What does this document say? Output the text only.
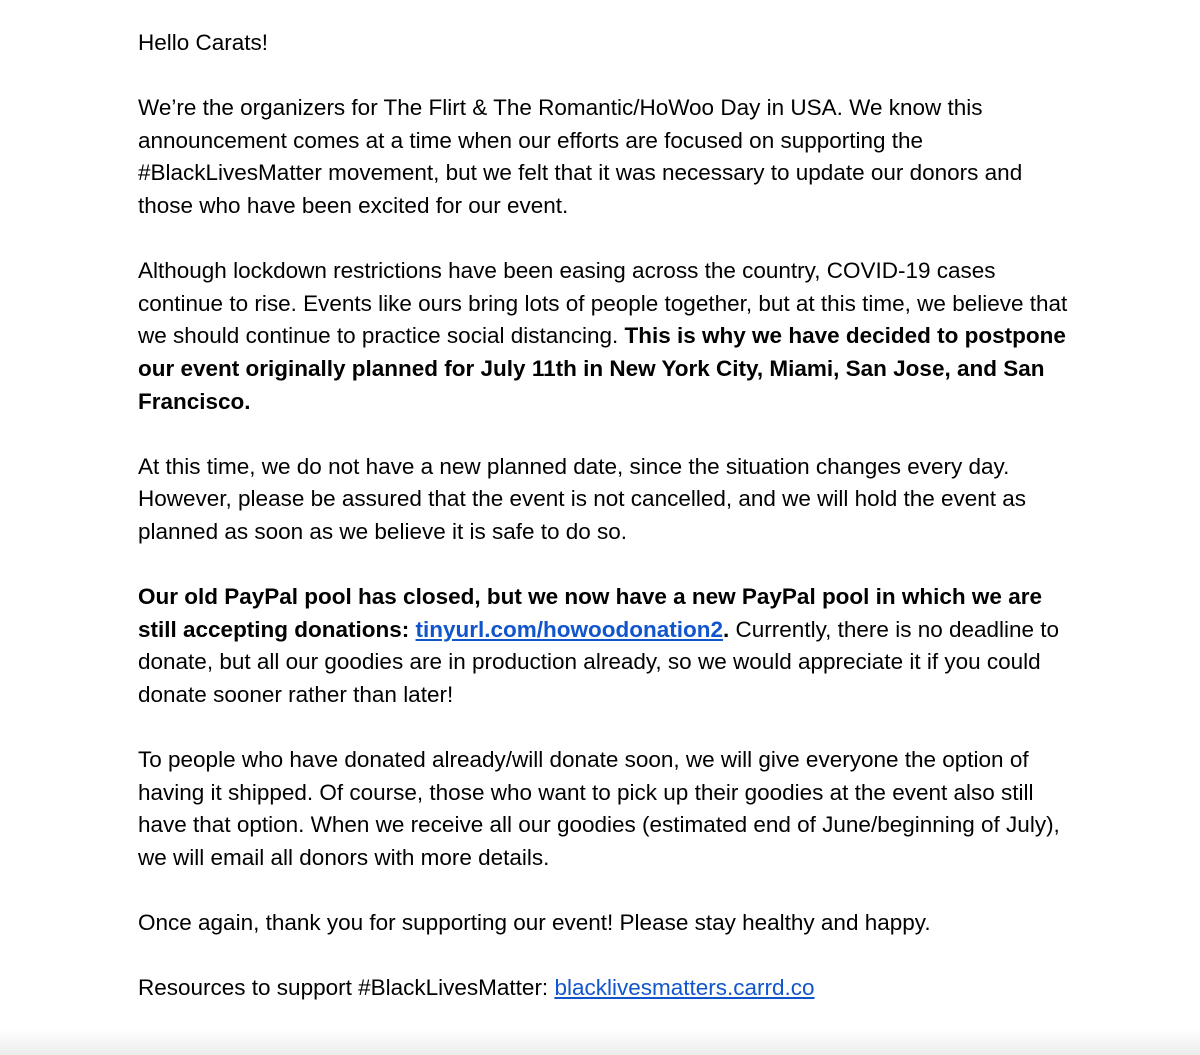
Hello Carats!

We’re the organizers for The Flirt & The Romantic/HoWoo Day in USA. We know this announcement comes at a time when our efforts are focused on supporting the #BlackLivesMatter movement, but we felt that it was necessary to update our donors and those who have been excited for our event.

Although lockdown restrictions have been easing across the country, COVID-19 cases continue to rise. Events like ours bring lots of people together, but at this time, we believe that we should continue to practice social distancing. This is why we have decided to postpone our event originally planned for July 11th in New York City, Miami, San Jose, and San Francisco.

At this time, we do not have a new planned date, since the situation changes every day. However, please be assured that the event is not cancelled, and we will hold the event as planned as soon as we believe it is safe to do so.

Our old PayPal pool has closed, but we now have a new PayPal pool in which we are still accepting donations: tinyurl.com/howoodonation2. Currently, there is no deadline to donate, but all our goodies are in production already, so we would appreciate it if you could donate sooner rather than later!

To people who have donated already/will donate soon, we will give everyone the option of having it shipped. Of course, those who want to pick up their goodies at the event also still have that option. When we receive all our goodies (estimated end of June/beginning of July), we will email all donors with more details.

Once again, thank you for supporting our event! Please stay healthy and happy.

Resources to support #BlackLivesMatter: blacklivesmatters.carrd.co
